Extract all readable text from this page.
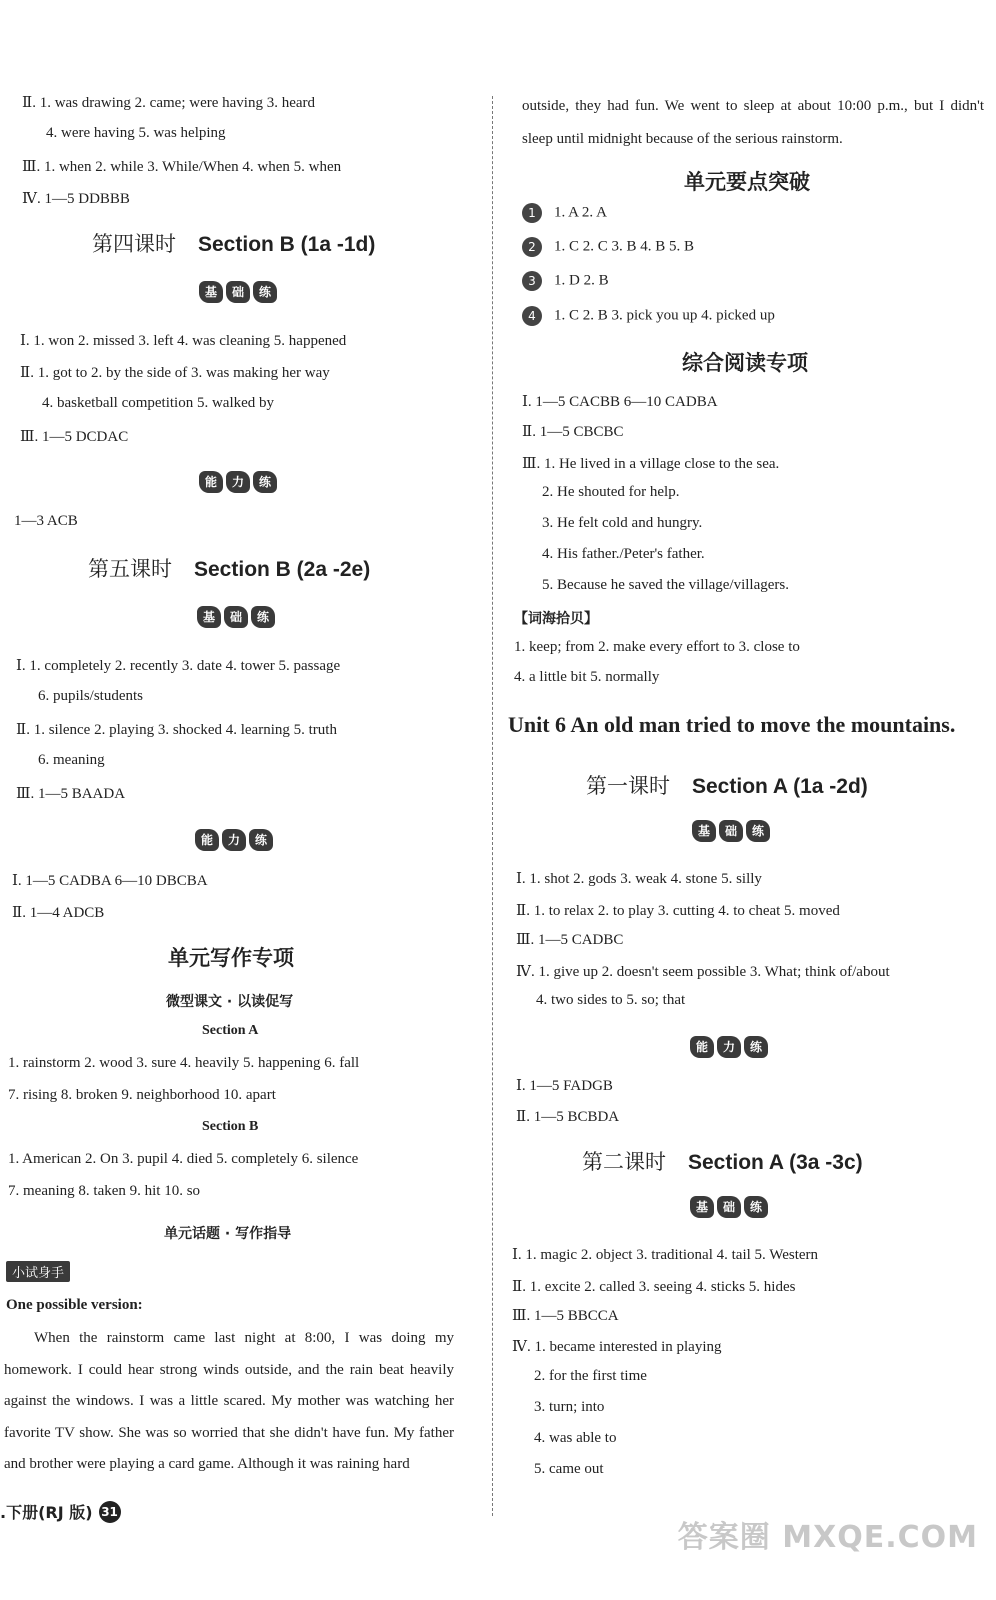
Ⅱ. 1. was drawing 2. came; were having 3. heard
4. were having 5. was helping
Ⅲ. 1. when 2. while 3. While/When 4. when 5. when
Ⅳ. 1—5 DDBBB
第四课时 Section B (1a -1d)
基	础	练
Ⅰ. 1. won 2. missed 3. left 4. was cleaning 5. happened
Ⅱ. 1. got to 2. by the side of 3. was making her way
4. basketball competition 5. walked by
Ⅲ. 1—5 DCDAC
能	力	练
1—3 ACB
第五课时 Section B (2a -2e)
基	础	练
Ⅰ. 1. completely 2. recently 3. date 4. tower 5. passage
6. pupils/students
Ⅱ. 1. silence 2. playing 3. shocked 4. learning 5. truth
6. meaning
Ⅲ. 1—5 BAADA
能	力	练
Ⅰ. 1—5 CADBA 6—10 DBCBA
Ⅱ. 1—4 ADCB
单元写作专项
微型课文 · 以读促写
Section A
1. rainstorm 2. wood 3. sure 4. heavily 5. happening 6. fall
7. rising 8. broken 9. neighborhood 10. apart
Section B
1. American 2. On 3. pupil 4. died 5. completely 6. silence
7. meaning 8. taken 9. hit 10. so
单元话题 · 写作指导
小试身手
One possible version:
When the rainstorm came last night at 8:00, I was doing my homework. I could hear strong winds outside, and the rain beat heavily against the windows. I was a little scared. My mother was watching her favorite TV show. She was so worried that she didn't have fun. My father and brother were playing a card game. Although it was raining hard
.下册(RJ 版) 31
outside, they had fun. We went to sleep at about 10:00 p.m., but I didn't sleep until midnight because of the serious rainstorm.
单元要点突破
1 1. A 2. A
2 1. C 2. C 3. B 4. B 5. B
3 1. D 2. B
4 1. C 2. B 3. pick you up 4. picked up
综合阅读专项
Ⅰ. 1—5 CACBB 6—10 CADBA
Ⅱ. 1—5 CBCBC
Ⅲ. 1. He lived in a village close to the sea.
2. He shouted for help.
3. He felt cold and hungry.
4. His father./Peter's father.
5. Because he saved the village/villagers.
【词海拾贝】
1. keep; from 2. make every effort to 3. close to
4. a little bit 5. normally
Unit 6 An old man tried to move the mountains.
第一课时 Section A (1a -2d)
基	础	练
Ⅰ. 1. shot 2. gods 3. weak 4. stone 5. silly
Ⅱ. 1. to relax 2. to play 3. cutting 4. to cheat 5. moved
Ⅲ. 1—5 CADBC
Ⅳ. 1. give up 2. doesn't seem possible 3. What; think of/about
4. two sides to 5. so; that
能	力	练
Ⅰ. 1—5 FADGB
Ⅱ. 1—5 BCBDA
第二课时 Section A (3a -3c)
基	础	练
Ⅰ. 1. magic 2. object 3. traditional 4. tail 5. Western
Ⅱ. 1. excite 2. called 3. seeing 4. sticks 5. hides
Ⅲ. 1—5 BBCCA
Ⅳ. 1. became interested in playing
2. for the first time
3. turn; into
4. was able to
5. came out
答案圈 MXQE.COM
